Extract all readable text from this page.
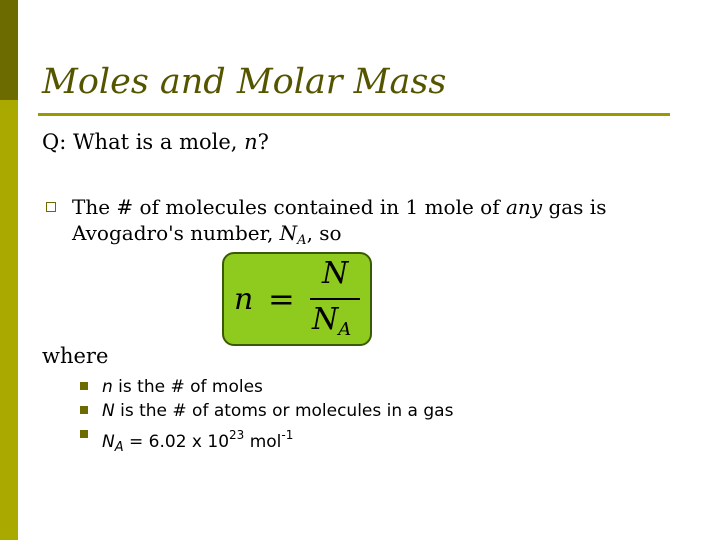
Moles and Molar Mass
Q: What is a mole, n?
The # of molecules contained in 1 mole of any gas is Avogadro's number, $N_A$, so
n =
N
$N_A$
where
n is the # of moles
N is the # of atoms or molecules in a gas
$N_A = 6.02$ x $10^{23}$ mol$^{-1}$
